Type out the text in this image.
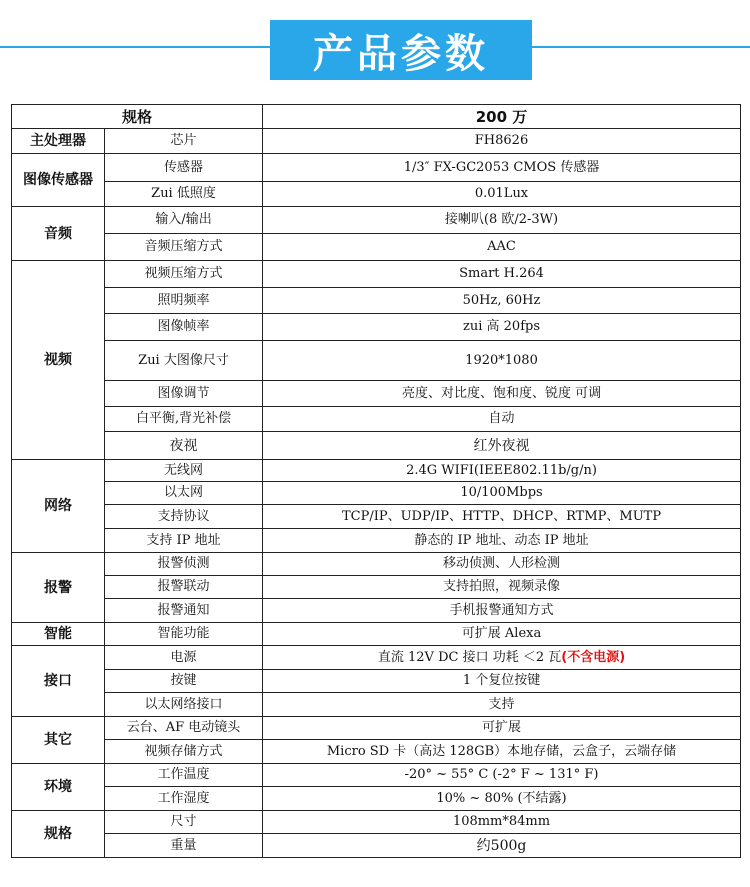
产品参数
规格		200 万
主处理器	芯片	FH8626
图像传感器	传感器	1/3″ FX-GC2053 CMOS 传感器
	Zui 低照度	0.01Lux
音频	输入/输出	接喇叭(8 欧/2-3W)
	音频压缩方式	AAC
视频	视频压缩方式	Smart H.264
	照明频率	50Hz, 60Hz
	图像帧率	zui 高 20fps
	Zui 大图像尺寸	1920*1080
	图像调节	亮度、对比度、饱和度、锐度 可调
	白平衡,背光补偿	自动
	夜视	红外夜视
网络	无线网	2.4G WIFI(IEEE802.11b/g/n)
	以太网	10/100Mbps
	支持协议	TCP/IP、UDP/IP、HTTP、DHCP、RTMP、MUTP
	支持 IP 地址	静态的 IP 地址、动态 IP 地址
报警	报警侦测	移动侦测、人形检测
	报警联动	支持拍照，视频录像
	报警通知	手机报警通知方式
智能	智能功能	可扩展 Alexa
接口	电源	直流 12V DC 接口 功耗 ＜2 瓦(不含电源)
	按键	1 个复位按键
	以太网络接口	支持
其它	云台、AF 电动镜头	可扩展
	视频存储方式	Micro SD 卡（高达 128GB）本地存储，云盒子，云端存储
环境	工作温度	-20° ~ 55° C (-2° F ~ 131° F)
	工作湿度	10% ~ 80% (不结露)
规格	尺寸	108mm*84mm
	重量	约500g
